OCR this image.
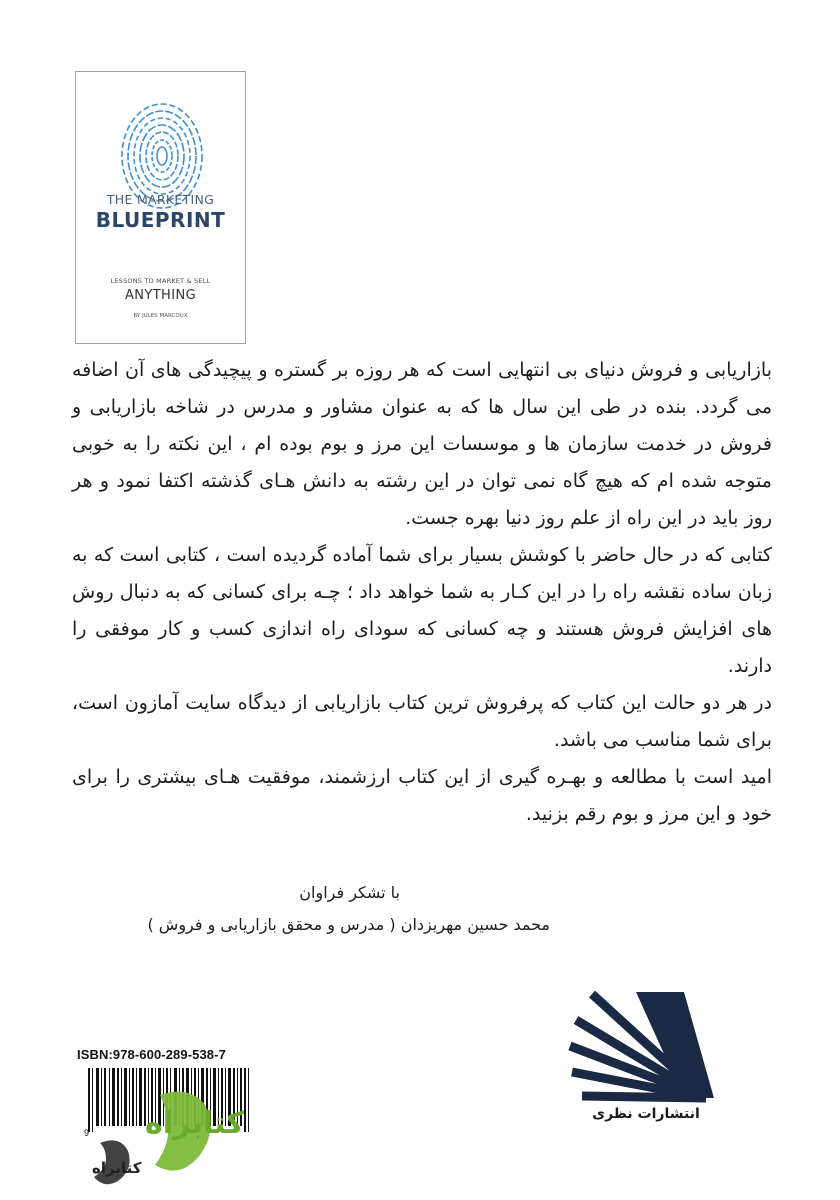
THE MARKETING
BLUEPRINT
LESSONS TO MARKET & SELL
ANYTHING
BY JULES MARCOUX

بازاریابی و فروش دنیای بی انتهایی است که هر روزه بر گستره و پیچیدگی های آن اضافه می گردد. بنده در طی این سال ها که به عنوان مشاور و مدرس در شاخه بازاریابی و فروش در خدمت سازمان ها و موسسات این مرز و بوم بوده ام ، این نکته را به خوبی متوجه شده ام که هیچ گاه نمی توان در این رشته به دانش هـای گذشته اکتفا نمود و هر روز باید در این راه از علم روز دنیا بهره جست.

کتابی که در حال حاضر با کوشش بسیار برای شما آماده گردیده است ، کتابی است که به زبان ساده نقشه راه را در این کـار به شما خواهد داد ؛ چـه برای کسانی که به دنبال روش های افزایش فروش هستند و چه کسانی که سودای راه اندازی کسب و کار موفقی را دارند.

در هر دو حالت این کتاب که پرفروش ترین کتاب بازاریابی از دیدگاه سایت آمازون است، برای شما مناسب می باشد.

امید است با مطالعه و بهـره گیری از این کتاب ارزشمند، موفقیت هـای بیشتری را برای خود و این مرز و بوم رقم بزنید.

با تشکر فراوان
محمد حسین مهریزدان ( مدرس و محقق بازاریابی و فروش )
انتشارات نظری
ISBN:978-600-289-538-7
9 کتابراه
کتابراه
